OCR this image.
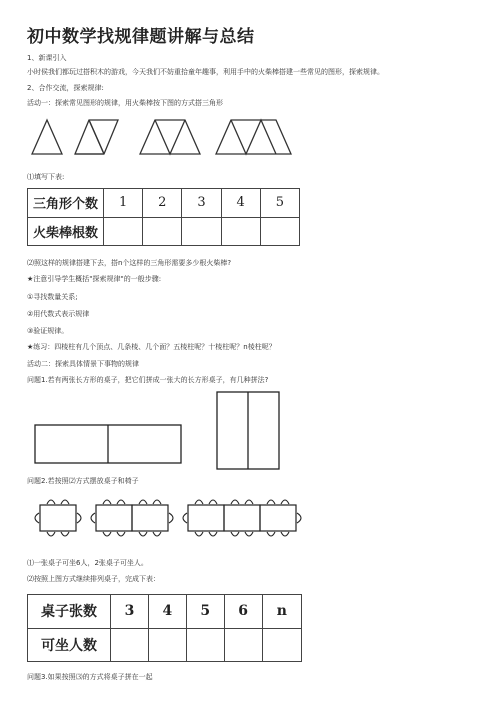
初中数学找规律题讲解与总结
1、新课引入
小时侯我们都玩过搭积木的游戏，今天我们不妨重拾童年趣事，利用手中的火柴棒搭建一些常见的图形，探索规律。
2、合作交流，探索规律:
活动一：探索常见图形的规律，用火柴棒按下图的方式搭三角形
⑴填写下表:
三角形个数	1	2	3	4	5
火柴棒根数					
⑵照这样的规律搭建下去，搭n个这样的三角形需要多少根火柴棒?
★注意引导学生概括"探索规律"的一般步骤:
①寻找数量关系;
②用代数式表示规律
③验证规律。
★练习：四棱柱有几个顶点、几条棱、几个面？五棱柱呢？十棱柱呢？n棱柱呢？
活动二：探索具体情景下事物的规律
问题1.若有两张长方形的桌子，把它们拼成一张大的长方形桌子，有几种拼法?
问题2.若按照⑵方式摆放桌子和椅子
⑴一张桌子可坐6人，2张桌子可坐人。
⑵按照上图方式继续排列桌子，完成下表：
桌子张数	3	4	5	6	n
可坐人数					
问题3.如果按照⑶的方式将桌子拼在一起
